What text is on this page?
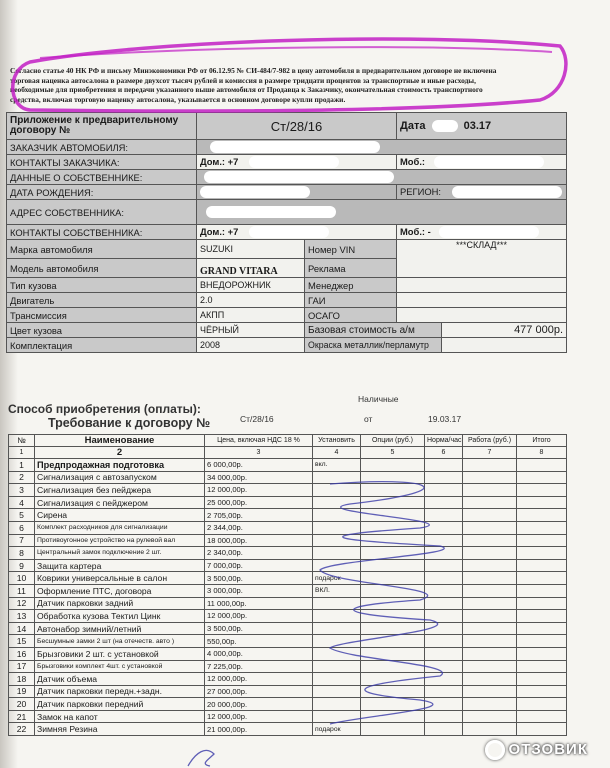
Согласно статье 40 НК РФ и письму Минэкономики РФ от 06.12.95 № СИ-484/7-982 в цену автомобиля в предварительном договоре не включена
торговая наценка автосалона в размере двухсот тысяч рублей и комиссия в размере тридцати процентов за транспортные и иные расходы,
необходимые для приобретения и передачи указанного выше автомобиля от Продавца к Заказчику, окончательная стоимость транспортного
средства, включая торговую наценку автосалона, указывается в основном договоре купли продажи.
Приложение к предварительному
договору №	Ст/28/16		Дата 03.17	
ЗАКАЗЧИК АВТОМОБИЛЯ:				
КОНТАКТЫ ЗАКАЗЧИКА:	Дом.: +7		Моб.:	
ДАННЫЕ О СОБСТВЕННИКЕ:				
ДАТА РОЖДЕНИЯ:			РЕГИОН:	
АДРЕС СОБСТВЕННИКА:				
КОНТАКТЫ СОБСТВЕННИКА:	Дом.: +7		Моб.: -	
Марка автомобиля	SUZUKI	Номер VIN	***СКЛАД***	
Модель автомобиля	GRAND VITARA	Реклама		
Тип кузова	ВНЕДОРОЖНИК	Менеджер		
Двигатель	2.0	ГАИ		
Трансмиссия	АКПП	ОСАГО		
Цвет кузова	ЧЁРНЫЙ	Базовая стоимость а/м		477 000р.
Комплектация	2008	Окраска металлик/перламутр		
Способ приобретения (оплаты):
Наличные
Требование к договору №	Ст/28/16	от	19.03.17
№	Наименование	Цена, включая НДС 18 %	Установить	Опции (руб.)	Норма/час	Работа (руб.)	Итого
1	2	3	4	5	6	7	8
1	Предпродажная подготовка	6 000,00р.	вкл.				
2	Сигнализация с автозапуском	34 000,00р.					
3	Сигнализация без пейджера	12 000,00р.					
4	Сигнализация с пейджером	25 000,00р.					
5	Сирена	2 705,00р.					
6	Комплект расходников для сигнализации	2 344,00р.					
7	Противоугонное устройство на рулевой вал	18 000,00р.					
8	Центральный замок подключение 2 шт.	2 340,00р.					
9	Защита картера	7 000,00р.					
10	Коврики универсальные в салон	3 500,00р.	подарок				
11	Оформление ПТС, договора	3 000,00р.	ВКЛ.				
12	Датчик парковки задний	11 000,00р.					
13	Обработка кузова Тектил Цинк	12 000,00р.					
14	Автонабор зимний/летний	3 500,00р.					
15	Бесшумные замки 2 шт (на отечеств. авто )	550,00р.					
16	Брызговики 2 шт. с установкой	4 000,00р.					
17	Брызговики комплект 4шт. с установкой	7 225,00р.					
18	Датчик объема	12 000,00р.					
19	Датчик парковки передн.+задн.	27 000,00р.					
20	Датчик парковки передний	20 000,00р.					
21	Замок на капот	12 000,00р.					
22	Зимняя Резина	21 000,00р.	подарок				
ОТЗОВИК
